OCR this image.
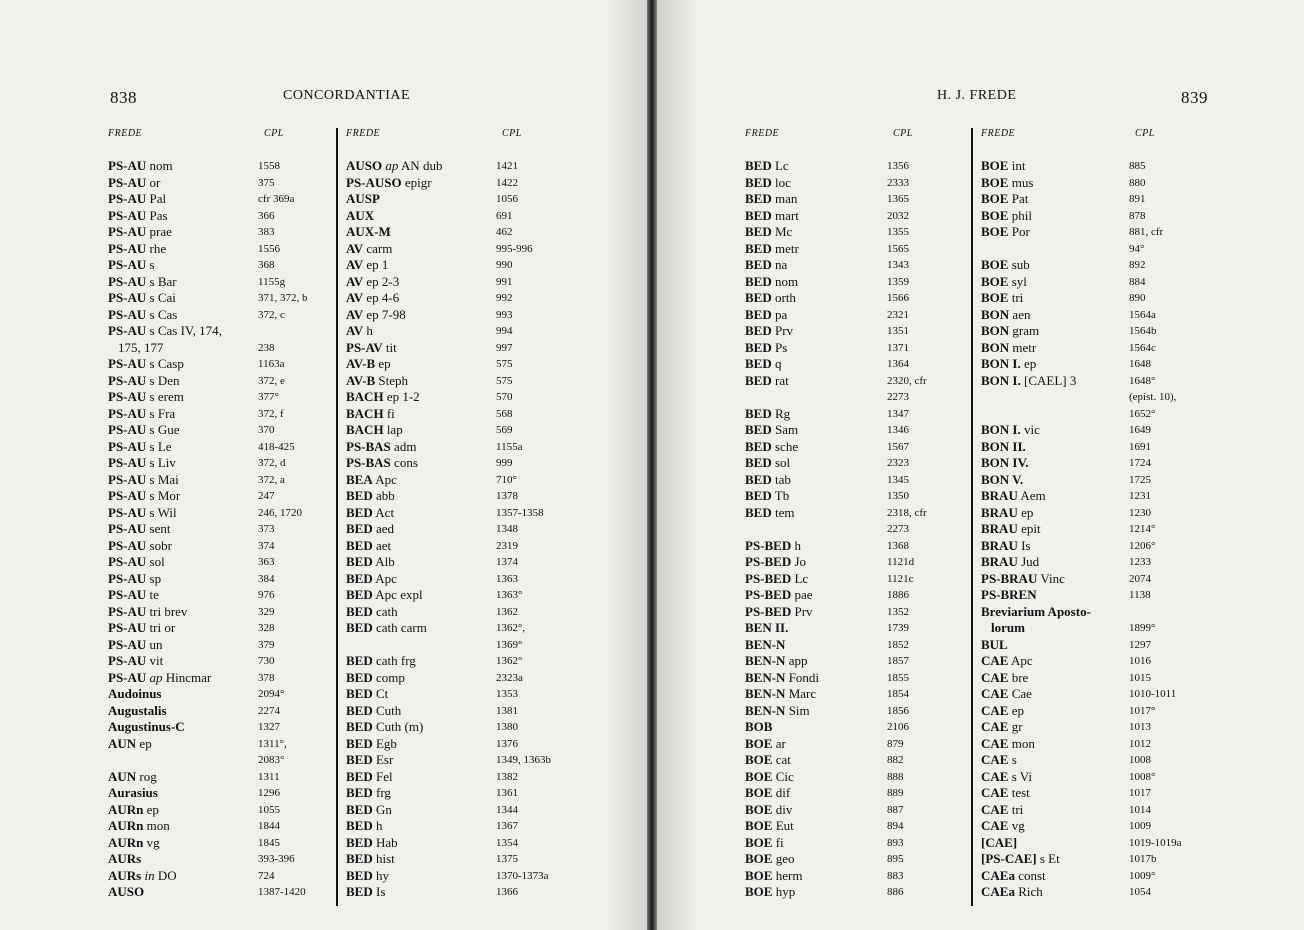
838	CONCORDANTIAE
FREDE	CPL
PS-AU nom	1558
PS-AU or	375
PS-AU Pal	cfr 369a
PS-AU Pas	366
PS-AU prae	383
PS-AU rhe	1556
PS-AU s	368
PS-AU s Bar	1155g
PS-AU s Cai	371, 372, b
PS-AU s Cas	372, c
PS-AU s Cas IV, 174,
175, 177	238
PS-AU s Casp	1163a
PS-AU s Den	372, e
PS-AU s erem	377°
PS-AU s Fra	372, f
PS-AU s Gue	370
PS-AU s Le	418-425
PS-AU s Liv	372, d
PS-AU s Mai	372, a
PS-AU s Mor	247
PS-AU s Wil	246, 1720
PS-AU sent	373
PS-AU sobr	374
PS-AU sol	363
PS-AU sp	384
PS-AU te	976
PS-AU tri brev	329
PS-AU tri or	328
PS-AU un	379
PS-AU vit	730
PS-AU ap Hincmar	378
Audoinus	2094°
Augustalis	2274
Augustinus-C	1327
AUN ep	1311°,
2083°
AUN rog	1311
Aurasius	1296
AURn ep	1055
AURn mon	1844
AURn vg	1845
AURs	393-396
AURs in DO	724
AUSO	1387-1420
FREDE	CPL
AUSO ap AN dub	1421
PS-AUSO epigr	1422
AUSP	1056
AUX	691
AUX-M	462
AV carm	995-996
AV ep 1	990
AV ep 2-3	991
AV ep 4-6	992
AV ep 7-98	993
AV h	994
PS-AV tit	997
AV-B ep	575
AV-B Steph	575
BACH ep 1-2	570
BACH fi	568
BACH lap	569
PS-BAS adm	1155a
PS-BAS cons	999
BEA Apc	710°
BED abb	1378
BED Act	1357-1358
BED aed	1348
BED aet	2319
BED Alb	1374
BED Apc	1363
BED Apc expl	1363°
BED cath	1362
BED cath carm	1362°,
1369°
BED cath frg	1362°
BED comp	2323a
BED Ct	1353
BED Cuth	1381
BED Cuth (m)	1380
BED Egb	1376
BED Esr	1349, 1363b
BED Fel	1382
BED frg	1361
BED Gn	1344
BED h	1367
BED Hab	1354
BED hist	1375
BED hy	1370-1373a
BED Is	1366
H. J. FREDE	839
FREDE	CPL
BED Lc	1356
BED loc	2333
BED man	1365
BED mart	2032
BED Mc	1355
BED metr	1565
BED na	1343
BED nom	1359
BED orth	1566
BED pa	2321
BED Prv	1351
BED Ps	1371
BED q	1364
BED rat	2320, cfr
2273
BED Rg	1347
BED Sam	1346
BED sche	1567
BED sol	2323
BED tab	1345
BED Tb	1350
BED tem	2318, cfr
2273
PS-BED h	1368
PS-BED Jo	1121d
PS-BED Lc	1121c
PS-BED pae	1886
PS-BED Prv	1352
BEN II.	1739
BEN-N	1852
BEN-N app	1857
BEN-N Fondi	1855
BEN-N Marc	1854
BEN-N Sim	1856
BOB	2106
BOE ar	879
BOE cat	882
BOE Cic	888
BOE dif	889
BOE div	887
BOE Eut	894
BOE fi	893
BOE geo	895
BOE herm	883
BOE hyp	886
FREDE	CPL
BOE int	885
BOE mus	880
BOE Pat	891
BOE phil	878
BOE Por	881, cfr
94°
BOE sub	892
BOE syl	884
BOE tri	890
BON aen	1564a
BON gram	1564b
BON metr	1564c
BON I. ep	1648
BON I. [CAEL] 3	1648°
(epist. 10),
1652°
BON I. vic	1649
BON II.	1691
BON IV.	1724
BON V.	1725
BRAU Aem	1231
BRAU ep	1230
BRAU epit	1214°
BRAU Is	1206°
BRAU Jud	1233
PS-BRAU Vinc	2074
PS-BREN	1138
Breviarium Aposto-
lorum	1899°
BUL	1297
CAE Apc	1016
CAE bre	1015
CAE Cae	1010-1011
CAE ep	1017°
CAE gr	1013
CAE mon	1012
CAE s	1008
CAE s Vi	1008°
CAE test	1017
CAE tri	1014
CAE vg	1009
[CAE]	1019-1019a
[PS-CAE] s Et	1017b
CAEa const	1009°
CAEa Rich	1054
